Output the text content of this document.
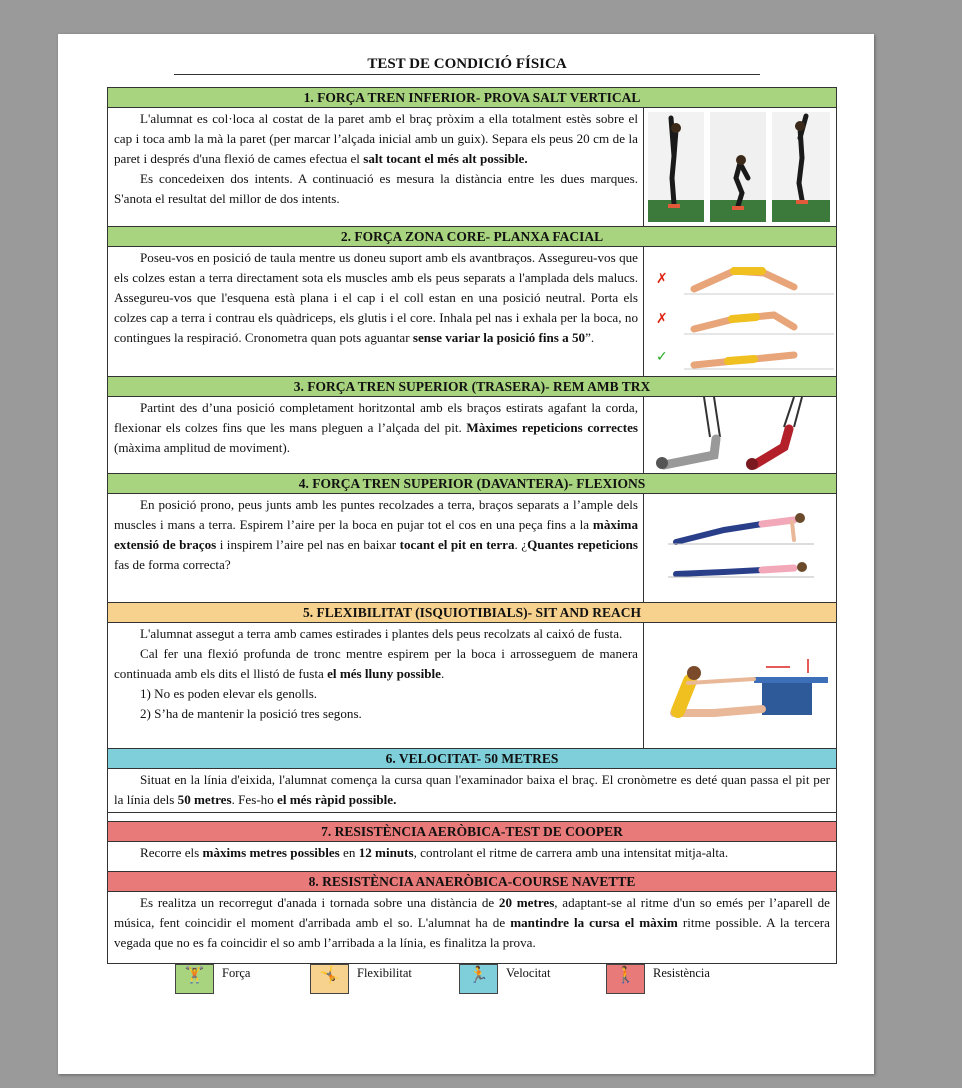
TEST DE CONDICIÓ FÍSICA
1. FORÇA TREN INFERIOR- PROVA SALT VERTICAL

L'alumnat es col·loca al costat de la paret amb el braç pròxim a ella totalment estès sobre el cap i toca amb la mà la paret (per marcar l’alçada inicial amb un guix). Separa els peus 20 cm de la paret i després d'una flexió de cames efectua el salt tocant el més alt possible.

Es concedeixen dos intents. A continuació es mesura la distància entre les dues marques. S'anota el resultat del millor de dos intents.

2. FORÇA ZONA CORE- PLANXA FACIAL

Poseu-vos en posició de taula mentre us doneu suport amb els avantbraços. Assegureu-vos que els colzes estan a terra directament sota els muscles amb els peus separats a l'amplada dels malucs. Assegureu-vos que l'esquena està plana i el cap i el coll estan en una posició neutral. Porta els colzes cap a terra i contrau els quàdriceps, els glutis i el core. Inhala pel nas i exhala per la boca, no contingues la respiració. Cronometra quan pots aguantar sense variar la posició fins a 50”.

✗
✗
✓
3. FORÇA TREN SUPERIOR (TRASERA)- REM AMB TRX

Partint des d’una posició completament horitzontal amb els braços estirats agafant la corda, flexionar els colzes fins que les mans pleguen a l’alçada del pit. Màximes repeticions correctes (màxima amplitud de moviment).

4. FORÇA TREN SUPERIOR (DAVANTERA)- FLEXIONS

En posició prono, peus junts amb les puntes recolzades a terra, braços separats a l’ample dels muscles i mans a terra. Espirem l’aire per la boca en pujar tot el cos en una peça fins a la màxima extensió de braços i inspirem l’aire pel nas en baixar tocant el pit en terra. ¿Quantes repeticions fas de forma correcta?

5. FLEXIBILITAT (ISQUIOTIBIALS)- SIT AND REACH

L'alumnat assegut a terra amb cames estirades i plantes dels peus recolzats al caixó de fusta.

Cal fer una flexió profunda de tronc mentre espirem per la boca i arrosseguem de manera continuada amb els dits el llistó de fusta el més lluny possible.

1) No es poden elevar els genolls.

2) S’ha de mantenir la posició tres segons.

6. VELOCITAT- 50 METRES

Situat en la línia d'eixida, l'alumnat comença la cursa quan l'examinador baixa el braç. El cronòmetre es deté quan passa el pit per la línia dels 50 metres. Fes-ho el més ràpid possible.

7. RESISTÈNCIA AERÒBICA-TEST DE COOPER

Recorre els màxims metres possibles en 12 minuts, controlant el ritme de carrera amb una intensitat mitja-alta.

8. RESISTÈNCIA ANAERÒBICA-COURSE NAVETTE

Es realitza un recorregut d'anada i tornada sobre una distància de 20 metres, adaptant-se al ritme d'un so emés per l’aparell de música, fent coincidir el moment d'arribada amb el so. L'alumnat ha de mantindre la cursa el màxim ritme possible. A la tercera vegada que no es fa coincidir el so amb l’arribada a la línia, es finalitza la prova.

🏋	Força	🤸	Flexibilitat	🏃	Velocitat	🚶	Resistència
